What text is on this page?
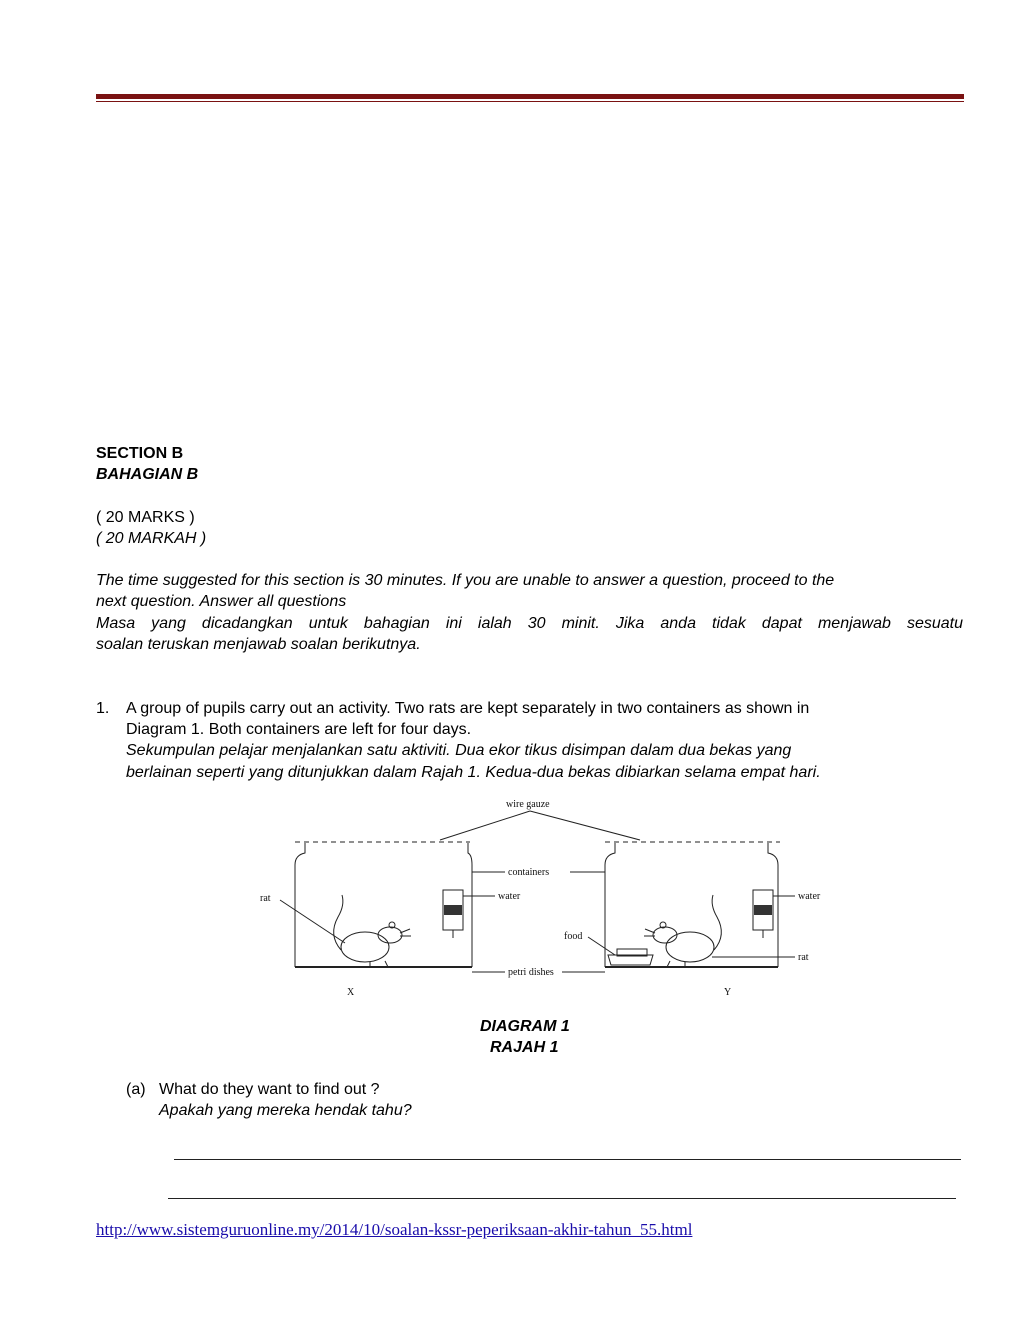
SECTION B
BAHAGIAN B
( 20 MARKS )
( 20 MARKAH )
The time suggested for this section is 30 minutes. If you are unable to answer a question, proceed to the
next question. Answer all questions
Masa yang dicadangkan untuk bahagian ini ialah 30 minit. Jika anda tidak dapat menjawab sesuatu
soalan teruskan menjawab soalan berikutnya.
1. A group of pupils carry out an activity. Two rats are kept separately in two containers as shown in
Diagram 1. Both containers are left for four days.
Sekumpulan pelajar menjalankan satu aktiviti. Dua ekor tikus disimpan dalam dua bekas yang
berlainan seperti yang ditunjukkan dalam Rajah 1. Kedua-dua bekas dibiarkan selama empat hari.
wire gauze
containers
water	water
rat
rat
food
petri dishes
X	Y
DIAGRAM 1
RAJAH 1
(a) What do they want to find out ?
Apakah yang mereka hendak tahu?
http://www.sistemguruonline.my/2014/10/soalan-kssr-peperiksaan-akhir-tahun_55.html
